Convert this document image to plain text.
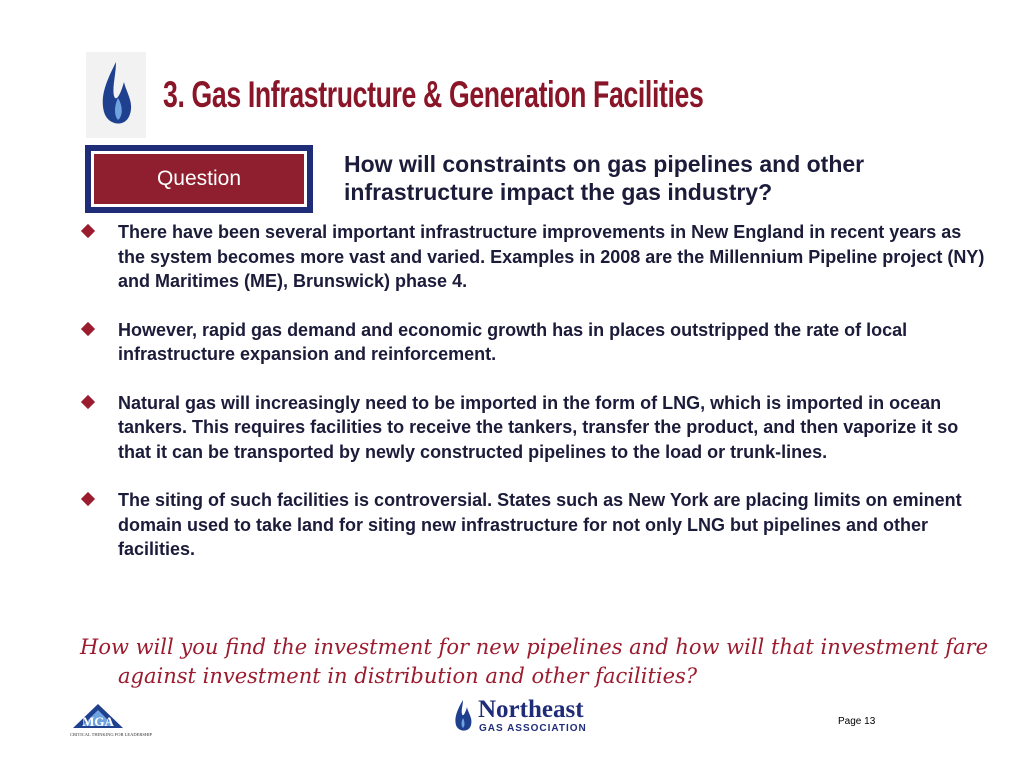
3. Gas Infrastructure & Generation Facilities
Question
How will constraints on gas pipelines and other infrastructure impact the gas industry?
There have been several important infrastructure improvements in New England in recent years as the system becomes more vast and varied. Examples in 2008 are the Millennium Pipeline project (NY) and Maritimes (ME), Brunswick) phase 4.
However, rapid gas demand and economic growth has in places outstripped the rate of local infrastructure expansion and reinforcement.
Natural gas will increasingly need to be imported in the form of LNG, which is imported in ocean tankers. This requires facilities to receive the tankers, transfer the product, and then vaporize it so that it can be transported by newly constructed pipelines to the load or trunk-lines.
The siting of such facilities is controversial. States such as New York are placing limits on eminent domain used to take land for siting new infrastructure for not only LNG but pipelines and other facilities.
How will you find the investment for new pipelines and how will that investment fare against investment in distribution and other facilities?
MGA
CRITICAL THINKING FOR LEADERSHIP
Northeast
GAS ASSOCIATION
Page 13
